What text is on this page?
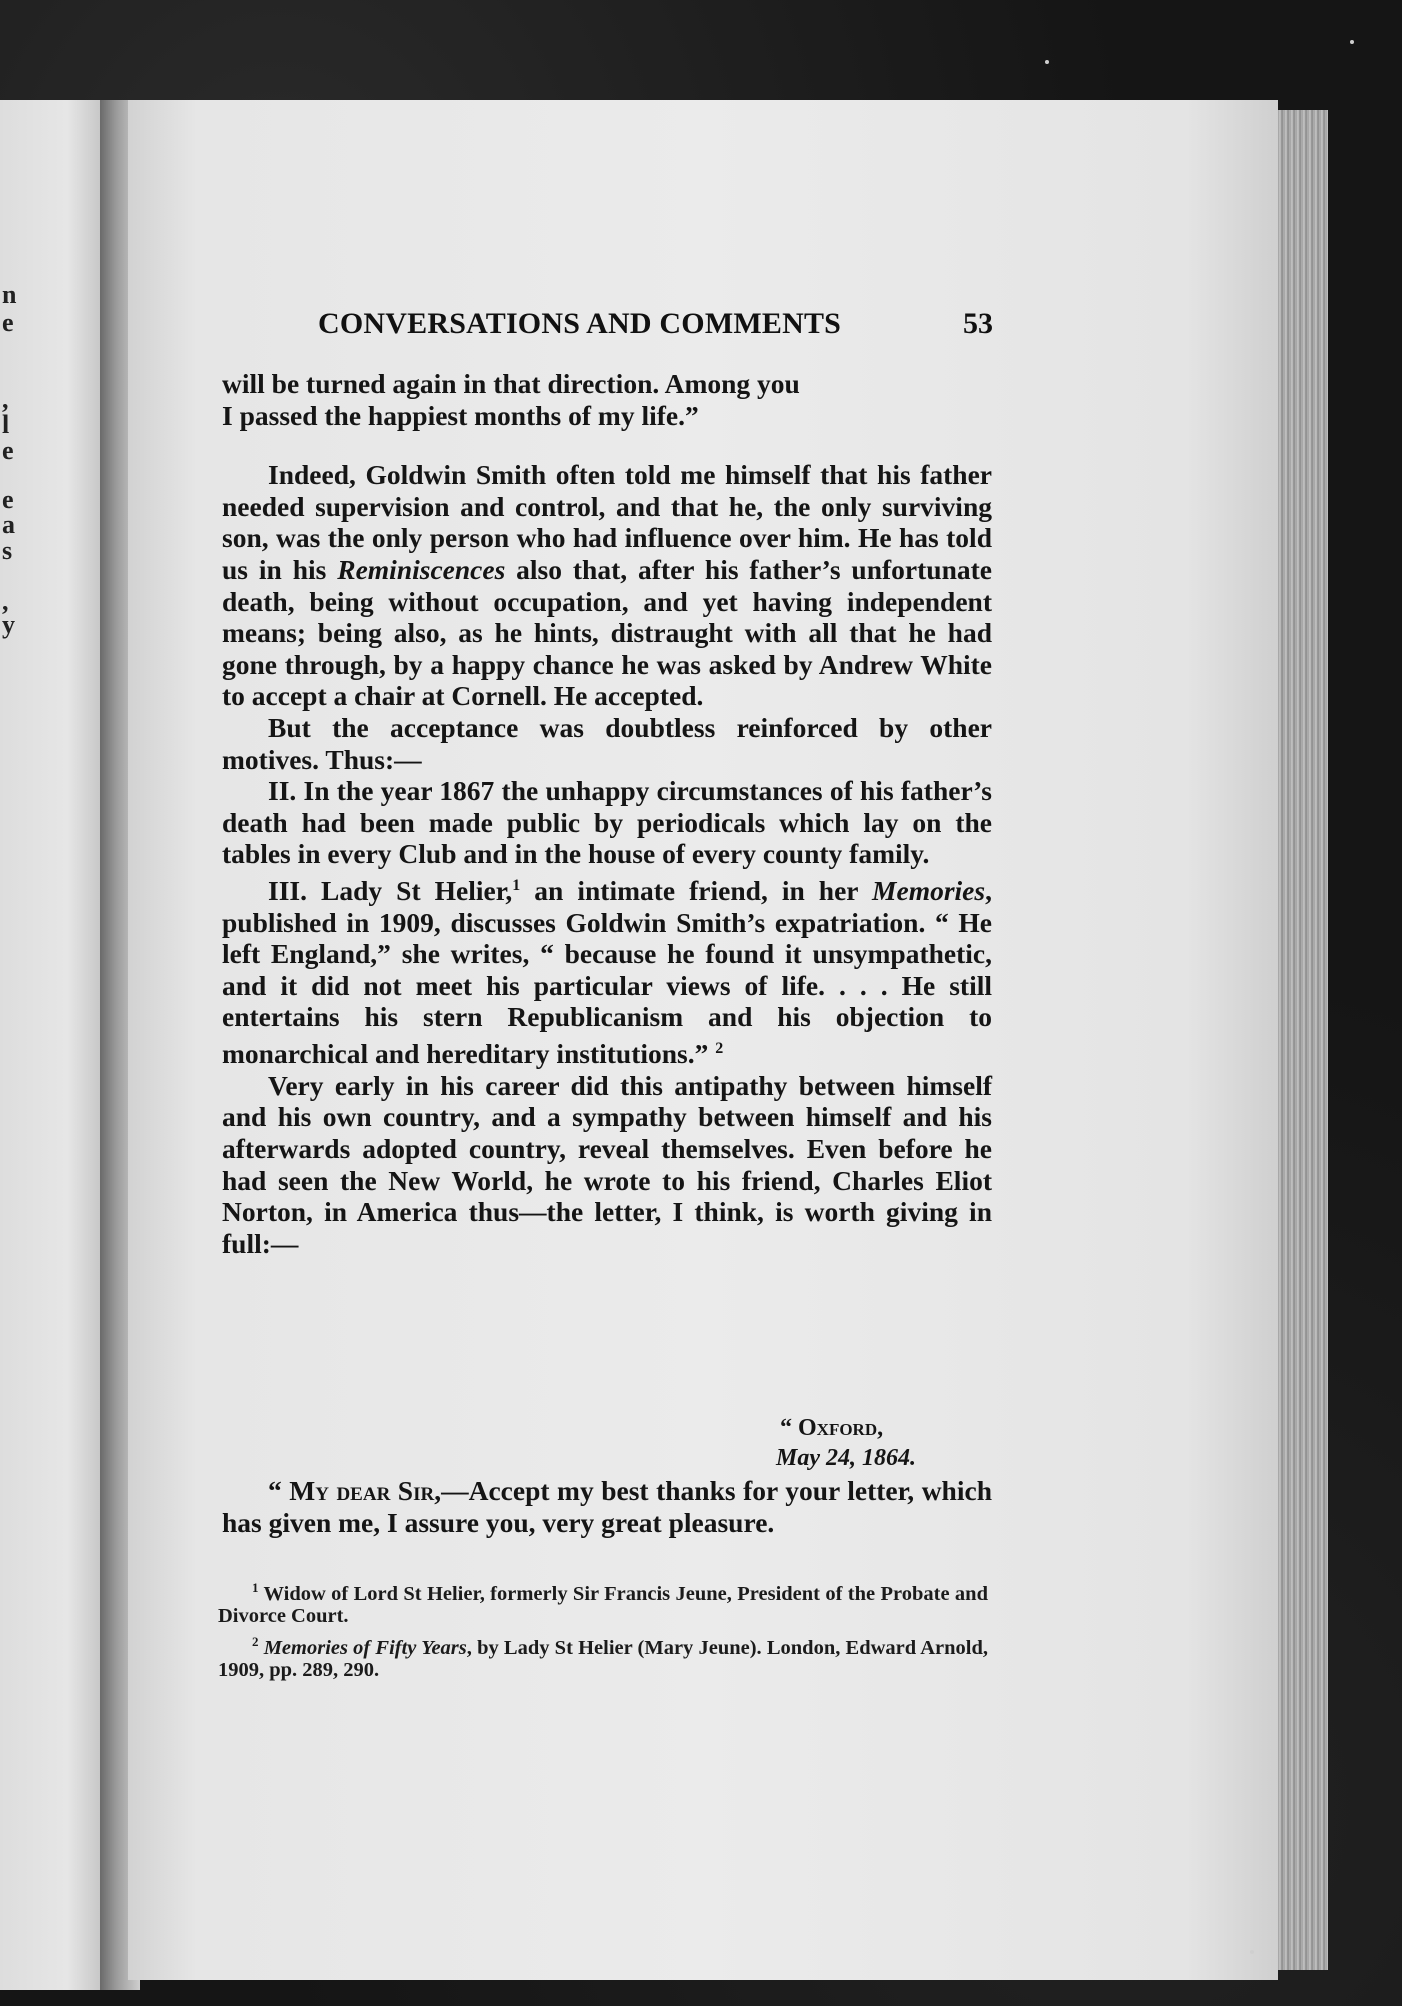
n
e
,
l
e
e
a
s
,
y
CONVERSATIONS AND COMMENTS	53

will be turned again in that direction. Among you
I passed the happiest months of my life.”

Indeed, Goldwin Smith often told me himself that his father needed supervision and control, and that he, the only surviving son, was the only person who had influence over him. He has told us in his Reminiscences also that, after his father’s unfortunate death, being without occupation, and yet having independent means; being also, as he hints, distraught with all that he had gone through, by a happy chance he was asked by Andrew White to accept a chair at Cornell. He accepted.

But the acceptance was doubtless reinforced by other motives. Thus:—

II. In the year 1867 the unhappy circumstances of his father’s death had been made public by periodicals which lay on the tables in every Club and in the house of every county family.

III. Lady St Helier,$^1$ an intimate friend, in her Memories, published in 1909, discusses Goldwin Smith’s expatriation. “ He left England,” she writes, “ because he found it unsympathetic, and it did not meet his particular views of life. . . . He still entertains his stern Republicanism and his objection to monarchical and hereditary institutions.” $^2$

Very early in his career did this antipathy between himself and his own country, and a sympathy between himself and his afterwards adopted country, reveal themselves. Even before he had seen the New World, he wrote to his friend, Charles Eliot Norton, in America thus—the letter, I think, is worth giving in full:—

“ Oxford,
May 24, 1864.
“ My dear Sir,—Accept my best thanks for your letter, which has given me, I assure you, very great pleasure.

$^1$ Widow of Lord St Helier, formerly Sir Francis Jeune, President of the Probate and Divorce Court.

$^2$ Memories of Fifty Years, by Lady St Helier (Mary Jeune). London, Edward Arnold, 1909, pp. 289, 290.
